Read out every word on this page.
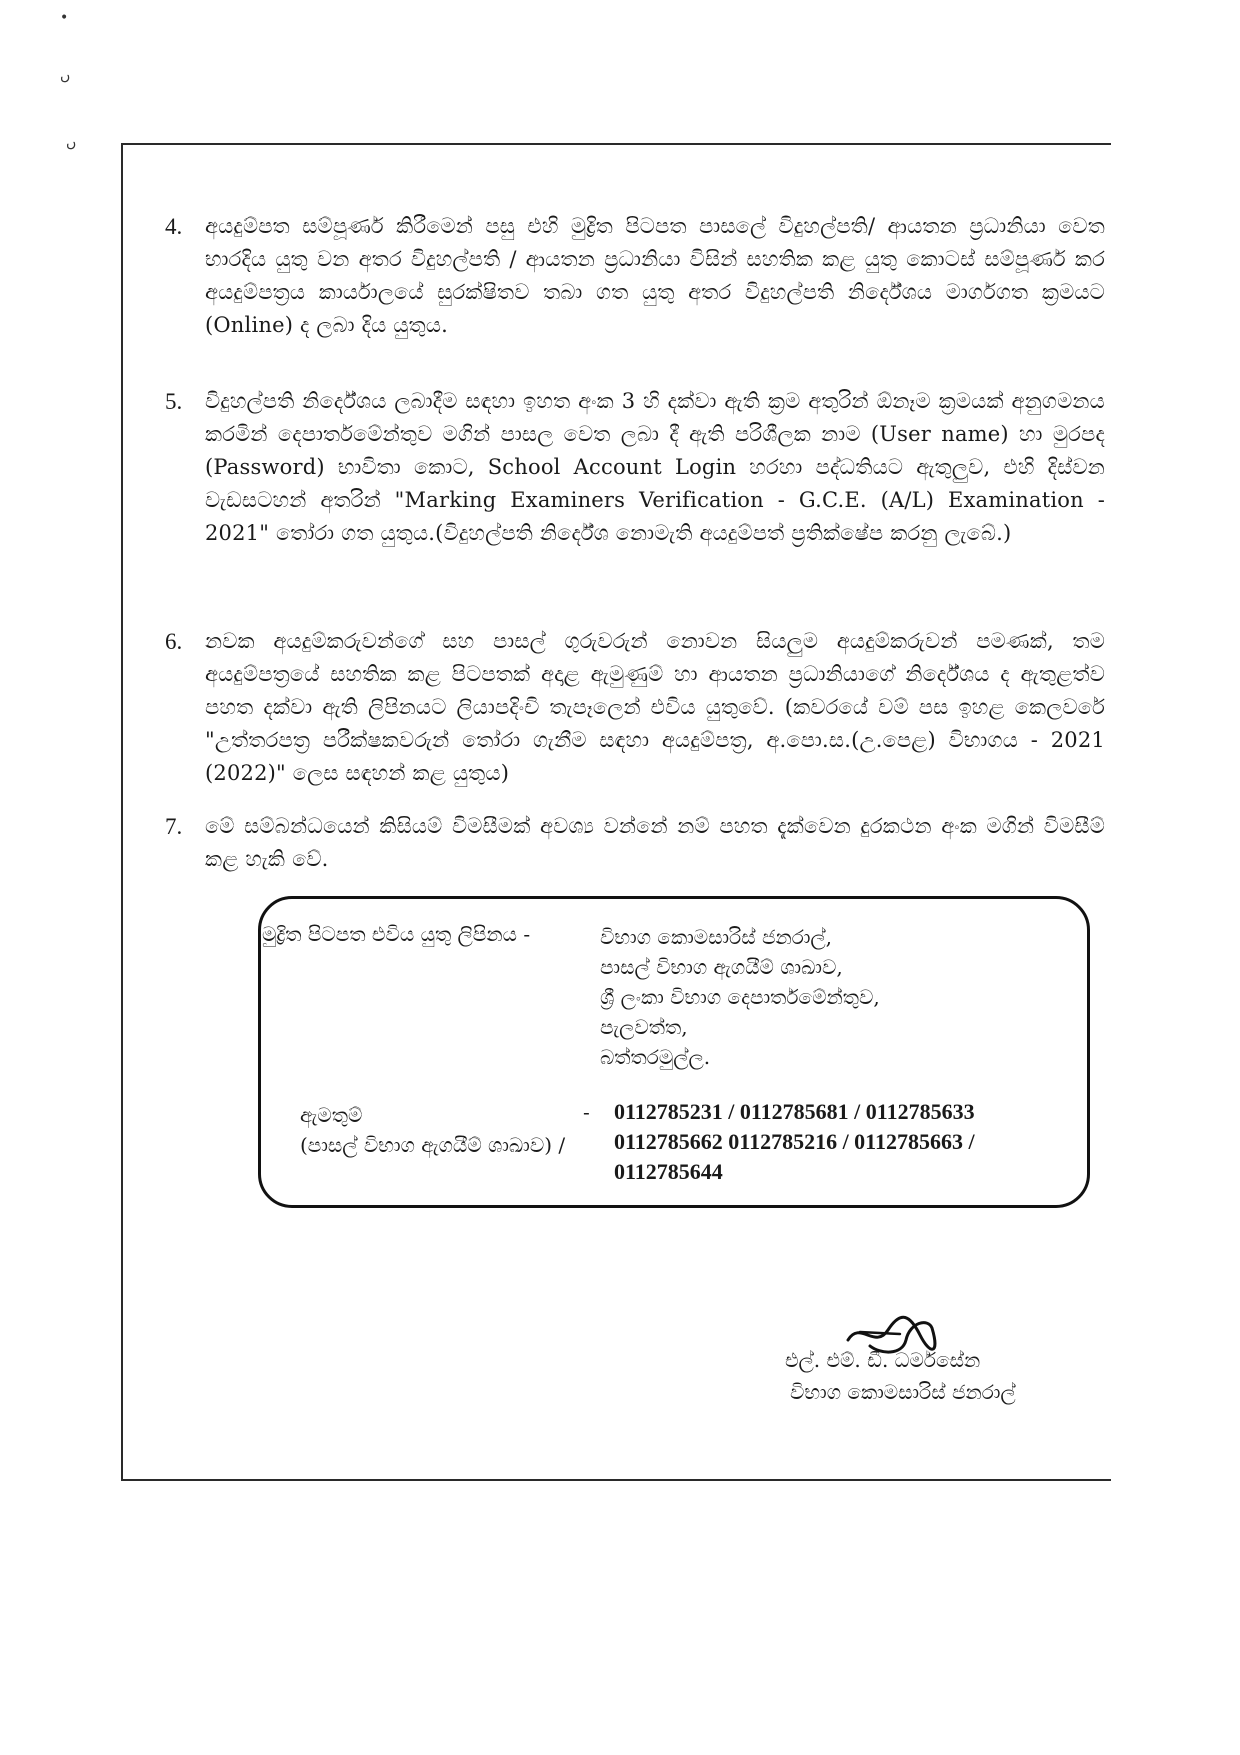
•
ں
ں
4. අයදුම්පත සම්පූර්ණ කිරීමෙන් පසු එහි මුද්‍රිත පිටපත පාසලේ විදුහල්පති/ ආයතන ප්‍රධානියා වෙත භාරදිය යුතු වන අතර විදුහල්පති / ආයතන ප්‍රධානියා විසින් සහතික කළ යුතු කොටස් සම්පූර්ණ කර අයදුම්පත්‍රය කාර්යාලයේ සුරක්ෂිතව තබා ගත යුතු අතර විදුහල්පති නිර්දේශය මාර්ගගත ක්‍රමයට (Online) ද ලබා දිය යුතුය.
5. විදුහල්පති නිර්දේශය ලබාදීම සඳහා ඉහත අංක 3 හි දක්වා ඇති ක්‍රම අතුරින් ඕනෑම ක්‍රමයක් අනුගමනය කරමින් දෙපාර්තමේන්තුව මගින් පාසල වෙත ලබා දී ඇති පරිශීලක නාම (User name) හා මුරපද (Password) භාවිතා කොට, School Account Login හරහා පද්ධතියට ඇතුලුව, එහි දිස්වන වැඩසටහන් අතරින් "Marking Examiners Verification - G.C.E. (A/L) Examination - 2021" තෝරා ගත යුතුය.(විදුහල්පති නිර්දේශ නොමැති අයදුම්පත් ප්‍රතික්ෂේප කරනු ලැබේ.)
6. නවක අයදුම්කරුවන්ගේ සහ පාසල් ගුරුවරුන් නොවන සියලුම අයදුම්කරුවන් පමණක්, තම අයදුම්පත්‍රයේ සහතික කළ පිටපතක් අදාළ ඇමුණුම් හා ආයතන ප්‍රධානියාගේ නිර්දේශය ද ඇතුළත්ව පහත දක්වා ඇති ලිපිනයට ලියාපදිංචි තැපෑලෙන් එවිය යුතුවේ. (කවරයේ වම් පස ඉහළ කෙලවරේ "උත්තරපත්‍ර පරීක්ෂකවරුන් තෝරා ගැනීම සඳහා අයදුම්පත්‍ර, අ.පො.ස.(උ.පෙළ) විභාගය - 2021 (2022)" ලෙස සඳහන් කළ යුතුය)
7. මේ සම්බන්ධයෙන් කිසියම් විමසීමක් අවශ්‍ය වන්නේ නම් පහත දැක්වෙන දුරකථන අංක මගින් විමසීම් කළ හැකි වේ.
මුද්‍රිත පිටපත එවිය යුතු ලිපිනය -	විභාග කොමසාරිස් ජනරාල්,
පාසල් විභාග ඇගයීම් ශාඛාව,
ශ්‍රී ලංකා විභාග දෙපාර්තමේන්තුව,
පැලවත්ත,
බත්තරමුල්ල.
ඇමතුම්
(පාසල් විභාග ඇගයීම් ශාඛාව) /
- 0112785231 / 0112785681 / 0112785633
0112785662 0112785216 / 0112785663 /
0112785644
එල්. එම්. ඩී. ධර්මසේන
විභාග කොමසාරිස් ජනරාල්
